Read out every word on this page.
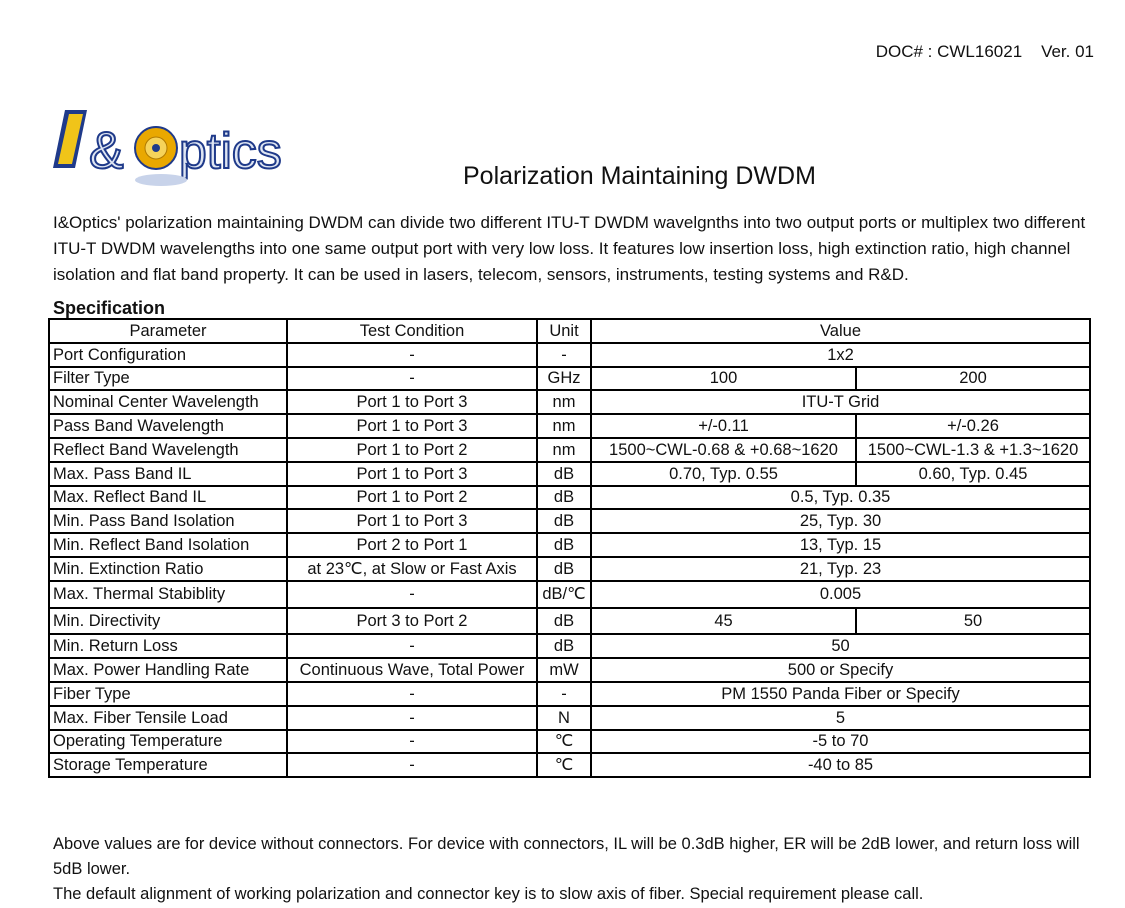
DOC# : CWL16021 Ver. 01
& ptics	Polarization Maintaining DWDM
I&Optics' polarization maintaining DWDM can divide two different ITU-T DWDM wavelgnths into two output ports or multiplex two different ITU-T DWDM wavelengths into one same output port with very low loss. It features low insertion loss, high extinction ratio, high channel isolation and flat band property. It can be used in lasers, telecom, sensors, instruments, testing systems and R&D.
Specification
Parameter	Test Condition	Unit	Value	
Port Configuration	-	-	1x2	
Filter Type	-	GHz	100	200
Nominal Center Wavelength	Port 1 to Port 3	nm	ITU-T Grid	
Pass Band Wavelength	Port 1 to Port 3	nm	+/-0.11	+/-0.26
Reflect Band Wavelength	Port 1 to Port 2	nm	1500~CWL-0.68 & +0.68~1620	1500~CWL-1.3 & +1.3~1620
Max. Pass Band IL	Port 1 to Port 3	dB	0.70, Typ. 0.55	0.60, Typ. 0.45
Max. Reflect Band IL	Port 1 to Port 2	dB	0.5, Typ. 0.35	
Min. Pass Band Isolation	Port 1 to Port 3	dB	25, Typ. 30	
Min. Reflect Band Isolation	Port 2 to Port 1	dB	13, Typ. 15	
Min. Extinction Ratio	at 23℃, at Slow or Fast Axis	dB	21, Typ. 23	
Max. Thermal Stabiblity	-	dB/℃	0.005	
Min. Directivity	Port 3 to Port 2	dB	45	50
Min. Return Loss	-	dB	50	
Max. Power Handling Rate	Continuous Wave, Total Power	mW	500 or Specify	
Fiber Type	-	-	PM 1550 Panda Fiber or Specify	
Max. Fiber Tensile Load	-	N	5	
Operating Temperature	-	℃	-5 to 70	
Storage Temperature	-	℃	-40 to 85	

Above values are for device without connectors. For device with connectors, IL will be 0.3dB higher, ER will be 2dB lower, and return loss will 5dB lower.

The default alignment of working polarization and connector key is to slow axis of fiber. Special requirement please call.
